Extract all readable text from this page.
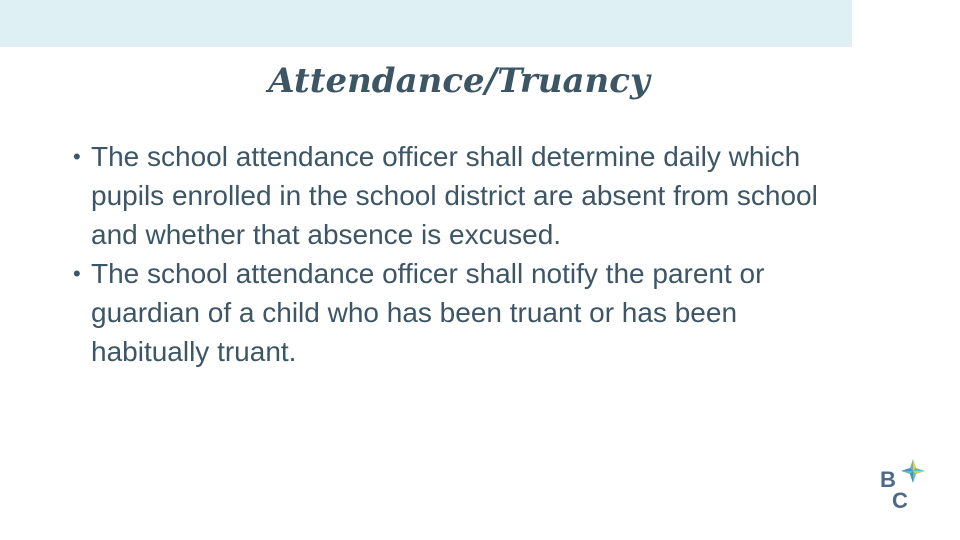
Attendance/Truancy
• The school attendance officer shall determine daily which pupils enrolled in the school district are absent from school and whether that absence is excused.
• The school attendance officer shall notify the parent or guardian of a child who has been truant or has been habitually truant.
B
C
